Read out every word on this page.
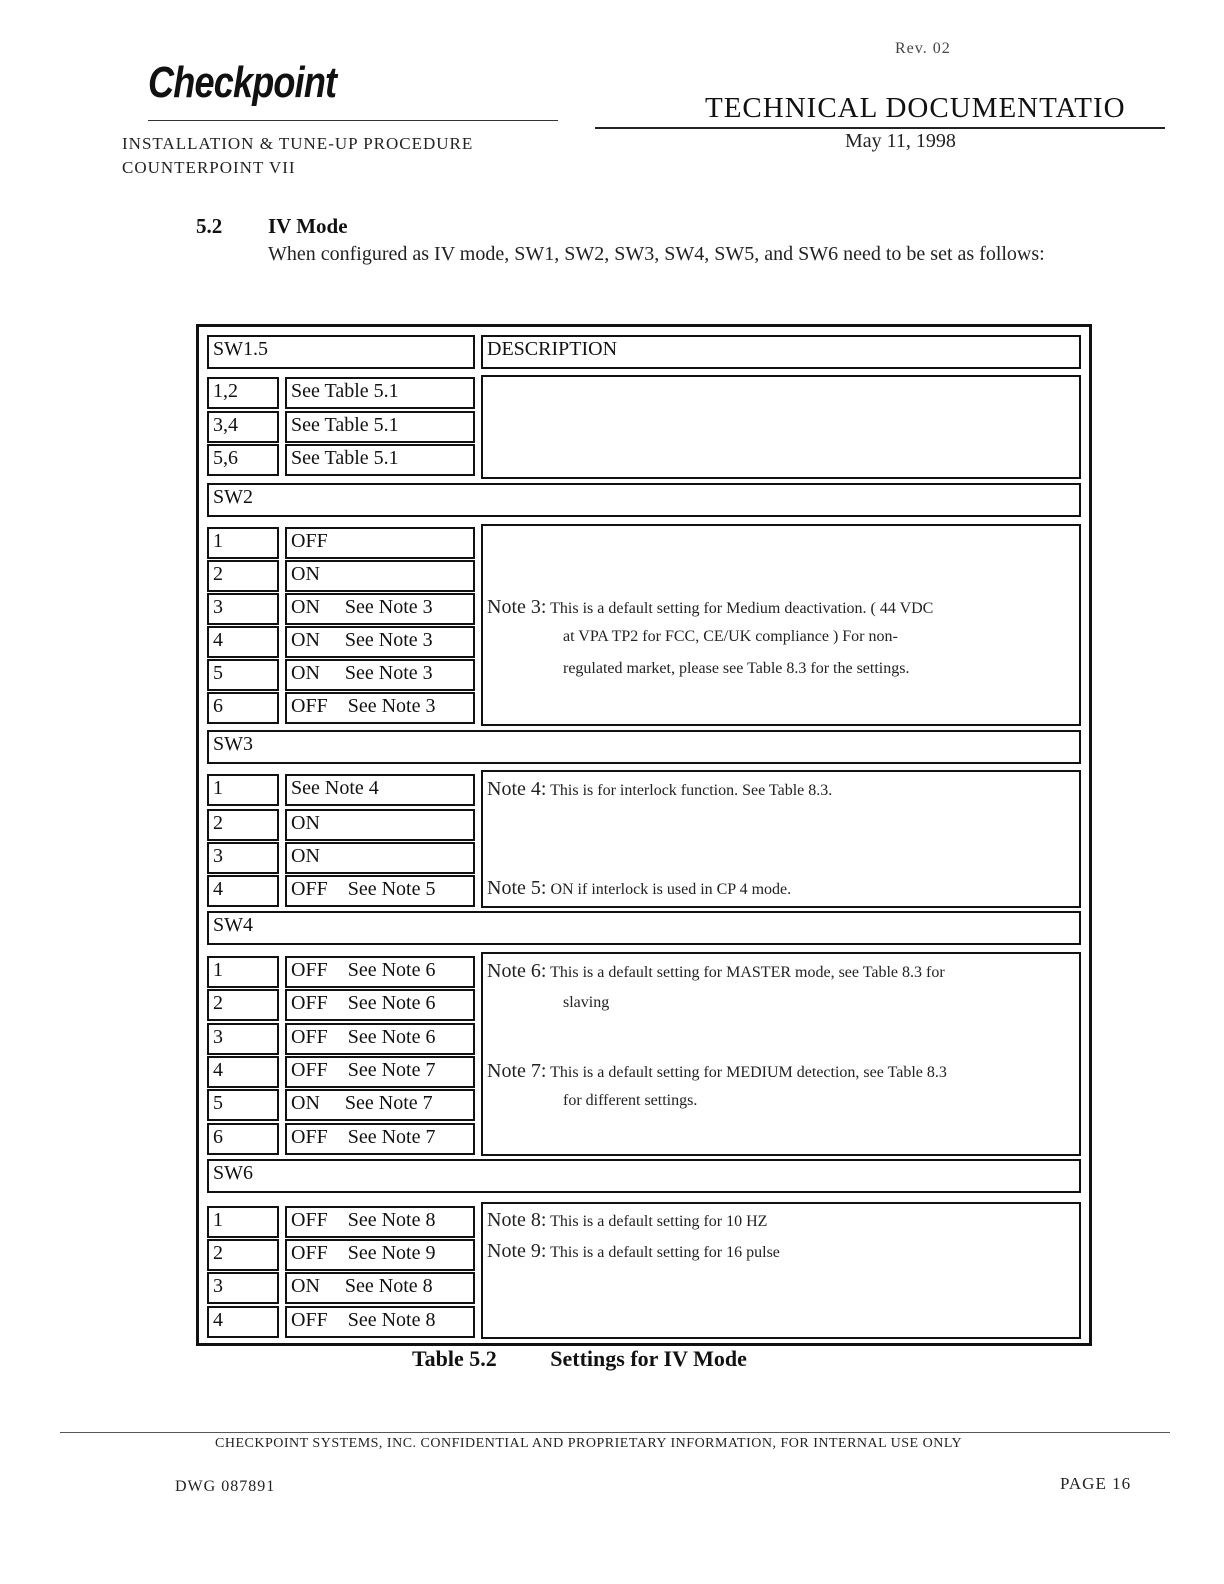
Rev. 02
Checkpoint
TECHNICAL DOCUMENTATIO
INSTALLATION & TUNE-UP PROCEDURE
COUNTERPOINT VII
May 11, 1998
5.2 IV Mode
When configured as IV mode, SW1, SW2, SW3, SW4, SW5, and SW6 need to be set as follows:
SW1.5	DESCRIPTION
1,2	See Table 5.1
3,4	See Table 5.1
5,6	See Table 5.1
SW2
1	OFF
2	ON
3	ON     See Note 3
4	ON     See Note 3
5	ON     See Note 3
6	OFF    See Note 3
Note 3: This is a default setting for Medium deactivation. ( 44 VDC
at VPA TP2 for FCC, CE/UK compliance ) For non-
regulated market, please see Table 8.3 for the settings.
SW3
1	See Note 4
2	ON
3	ON
4	OFF    See Note 5
Note 4: This is for interlock function. See Table 8.3.
Note 5: ON if interlock is used in CP 4 mode.
SW4
1	OFF    See Note 6
2	OFF    See Note 6
3	OFF    See Note 6
4	OFF    See Note 7
5	ON     See Note 7
6	OFF    See Note 7
Note 6: This is a default setting for MASTER mode, see Table 8.3 for
slaving
Note 7: This is a default setting for MEDIUM detection, see Table 8.3
for different settings.
SW6
1	OFF    See Note 8
2	OFF    See Note 9
3	ON     See Note 8
4	OFF    See Note 8
Note 8: This is a default setting for 10 HZ
Note 9: This is a default setting for 16 pulse
Table 5.2 Settings for IV Mode
CHECKPOINT SYSTEMS, INC. CONFIDENTIAL AND PROPRIETARY INFORMATION, FOR INTERNAL USE ONLY
DWG 087891	PAGE 16
